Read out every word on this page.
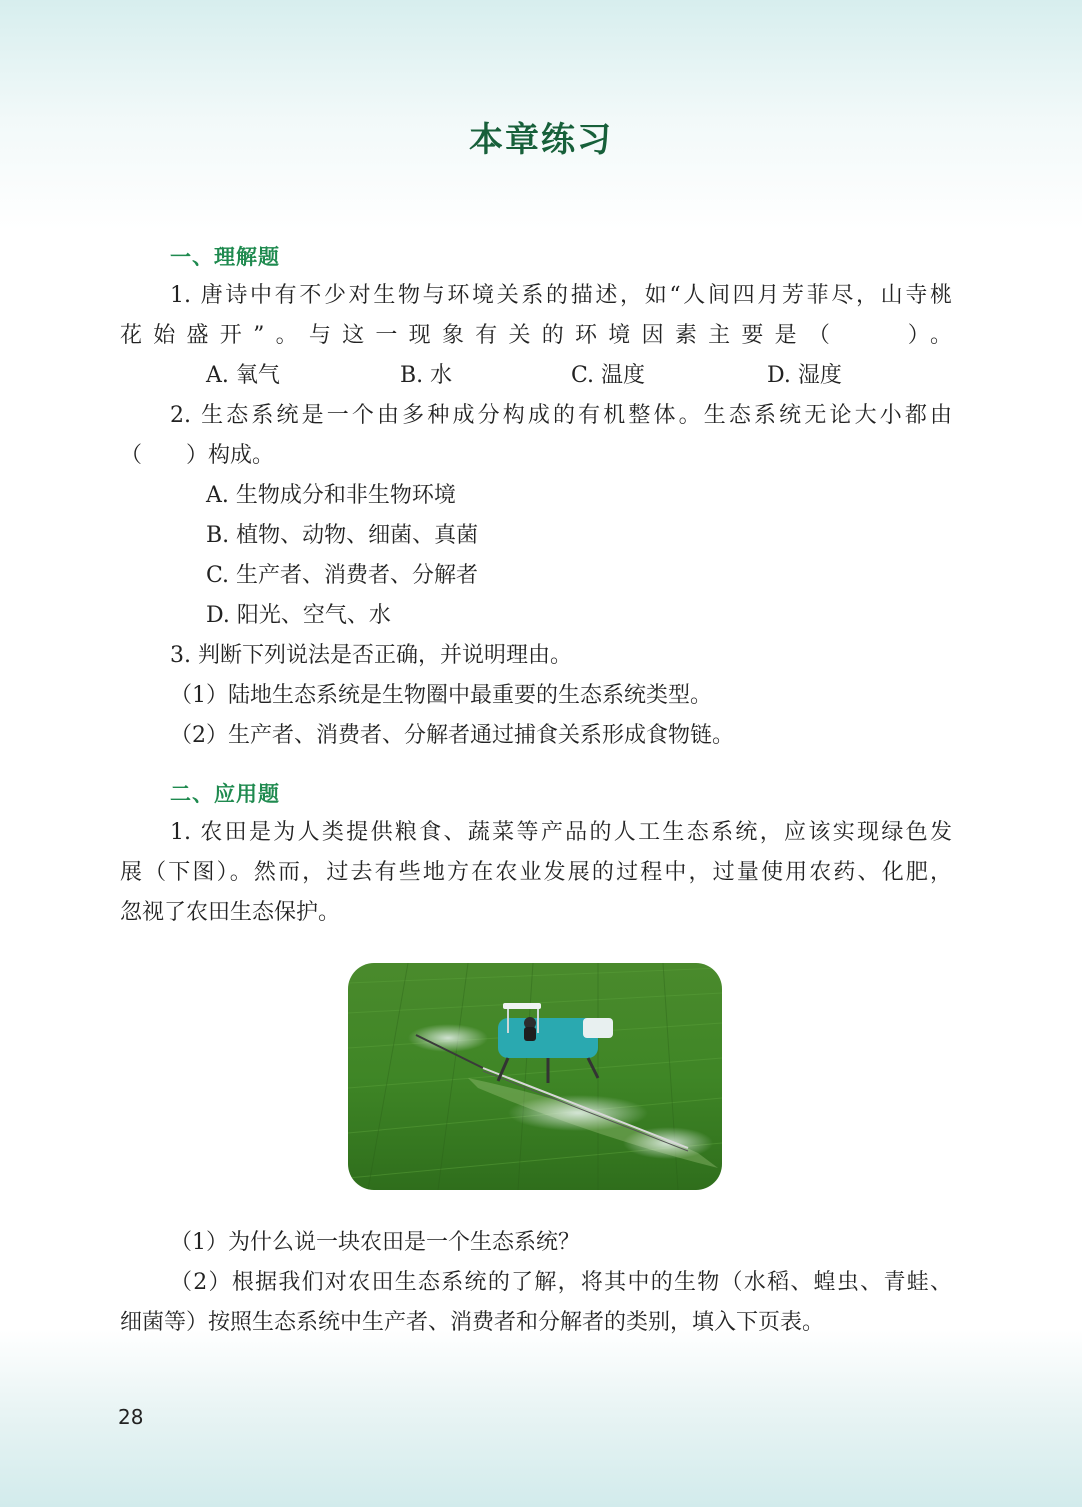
本章练习
一、理解题
1. 唐诗中有不少对生物与环境关系的描述，如“人间四月芳菲尽，山寺桃
花始盛开”。与这一现象有关的环境因素主要是（　　）。
A. 氧气	B. 水	C. 温度	D. 湿度
2. 生态系统是一个由多种成分构成的有机整体。生态系统无论大小都由
（　　）构成。
A. 生物成分和非生物环境
B. 植物、动物、细菌、真菌
C. 生产者、消费者、分解者
D. 阳光、空气、水
3. 判断下列说法是否正确，并说明理由。
（1）陆地生态系统是生物圈中最重要的生态系统类型。
（2）生产者、消费者、分解者通过捕食关系形成食物链。
二、应用题
1. 农田是为人类提供粮食、蔬菜等产品的人工生态系统，应该实现绿色发
展（下图）。然而，过去有些地方在农业发展的过程中，过量使用农药、化肥，
忽视了农田生态保护。
（1）为什么说一块农田是一个生态系统？
（2）根据我们对农田生态系统的了解，将其中的生物（水稻、蝗虫、青蛙、
细菌等）按照生态系统中生产者、消费者和分解者的类别，填入下页表。
28
